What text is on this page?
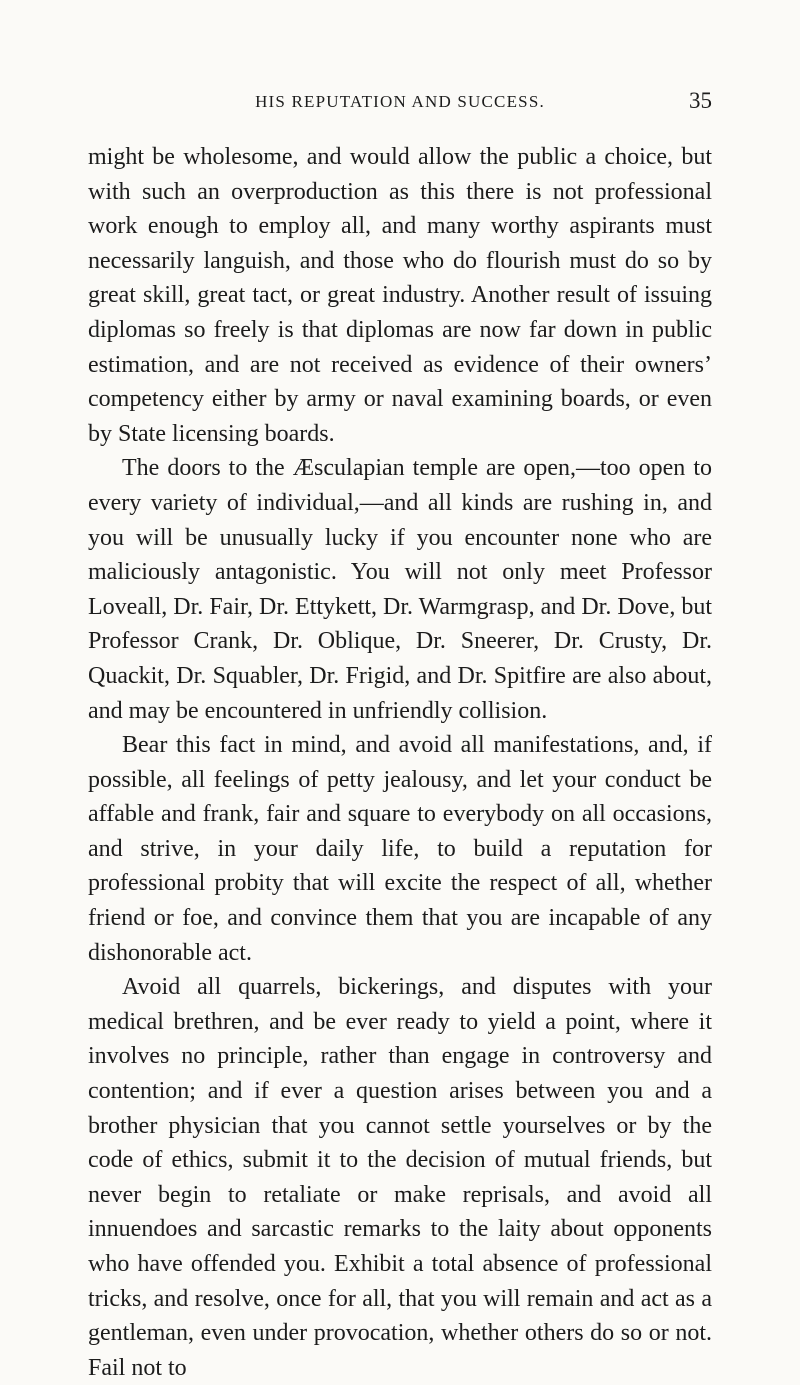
HIS REPUTATION AND SUCCESS.	35

might be wholesome, and would allow the public a choice, but with such an overproduction as this there is not professional work enough to employ all, and many worthy aspirants must necessarily languish, and those who do flourish must do so by great skill, great tact, or great industry. Another result of issuing diplomas so freely is that diplomas are now far down in public estimation, and are not received as evidence of their owners’ competency either by army or naval examining boards, or even by State licensing boards.

The doors to the Æsculapian temple are open,—too open to every variety of individual,—and all kinds are rushing in, and you will be unusually lucky if you encounter none who are maliciously antagonistic. You will not only meet Professor Loveall, Dr. Fair, Dr. Ettykett, Dr. Warmgrasp, and Dr. Dove, but Professor Crank, Dr. Oblique, Dr. Sneerer, Dr. Crusty, Dr. Quackit, Dr. Squabler, Dr. Frigid, and Dr. Spitfire are also about, and may be encountered in unfriendly collision.

Bear this fact in mind, and avoid all manifestations, and, if possible, all feelings of petty jealousy, and let your conduct be affable and frank, fair and square to everybody on all occasions, and strive, in your daily life, to build a reputation for professional probity that will excite the respect of all, whether friend or foe, and convince them that you are incapable of any dishonorable act.

Avoid all quarrels, bickerings, and disputes with your medical brethren, and be ever ready to yield a point, where it involves no principle, rather than engage in controversy and contention; and if ever a question arises between you and a brother physician that you cannot settle yourselves or by the code of ethics, submit it to the decision of mutual friends, but never begin to retaliate or make reprisals, and avoid all innuendoes and sarcastic remarks to the laity about opponents who have offended you. Exhibit a total absence of professional tricks, and resolve, once for all, that you will remain and act as a gentleman, even under provocation, whether others do so or not. Fail not to
